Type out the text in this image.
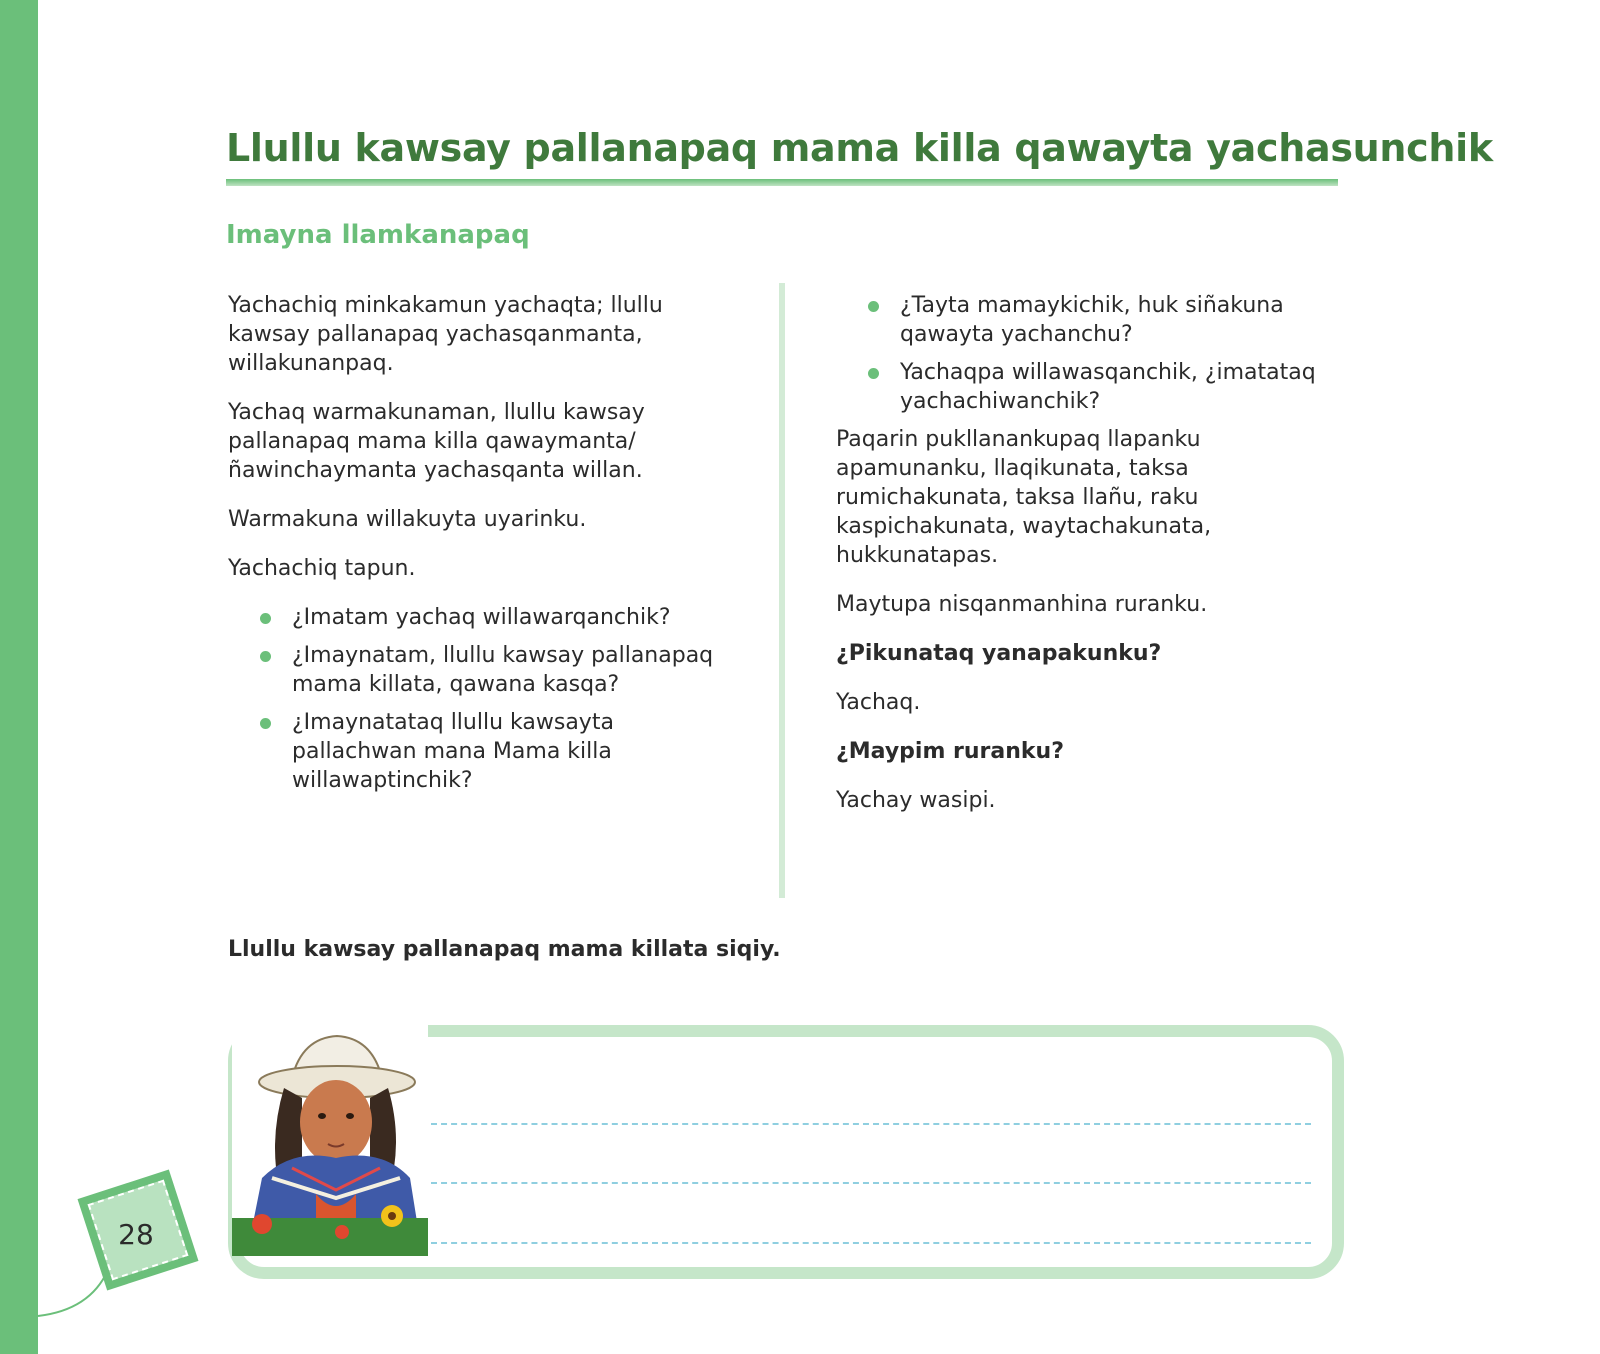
Llullu kawsay pallanapaq mama killa qawayta yachasunchik
Imayna llamkanapaq

Yachachiq minkakamun yachaqta; llullu kawsay pallanapaq yachasqanmanta, willakunanpaq.

Yachaq warmakunaman, llullu kawsay pallanapaq mama killa qawaymanta/ ñawinchaymanta yachasqanta willan.

Warmakuna willakuyta uyarinku.

Yachachiq tapun.

¿Imatam yachaq willawarqanchik?
¿Imaynatam, llullu kawsay pallanapaq mama killata, qawana kasqa?
¿Imaynatataq llullu kawsayta pallachwan mana Mama killa willawaptinchik?
¿Tayta mamaykichik, huk siñakuna qawayta yachanchu?
Yachaqpa willawasqanchik, ¿imatataq yachachiwanchik?

Paqarin pukllanankupaq llapanku apamunanku, llaqikunata, taksa rumichakunata, taksa llañu, raku kaspichakunata, waytachakunata, hukkunatapas.

Maytupa nisqanmanhina ruranku.

¿Pikunataq yanapakunku?

Yachaq.

¿Maypim ruranku?

Yachay wasipi.

Llullu kawsay pallanapaq mama killata siqiy.

28
